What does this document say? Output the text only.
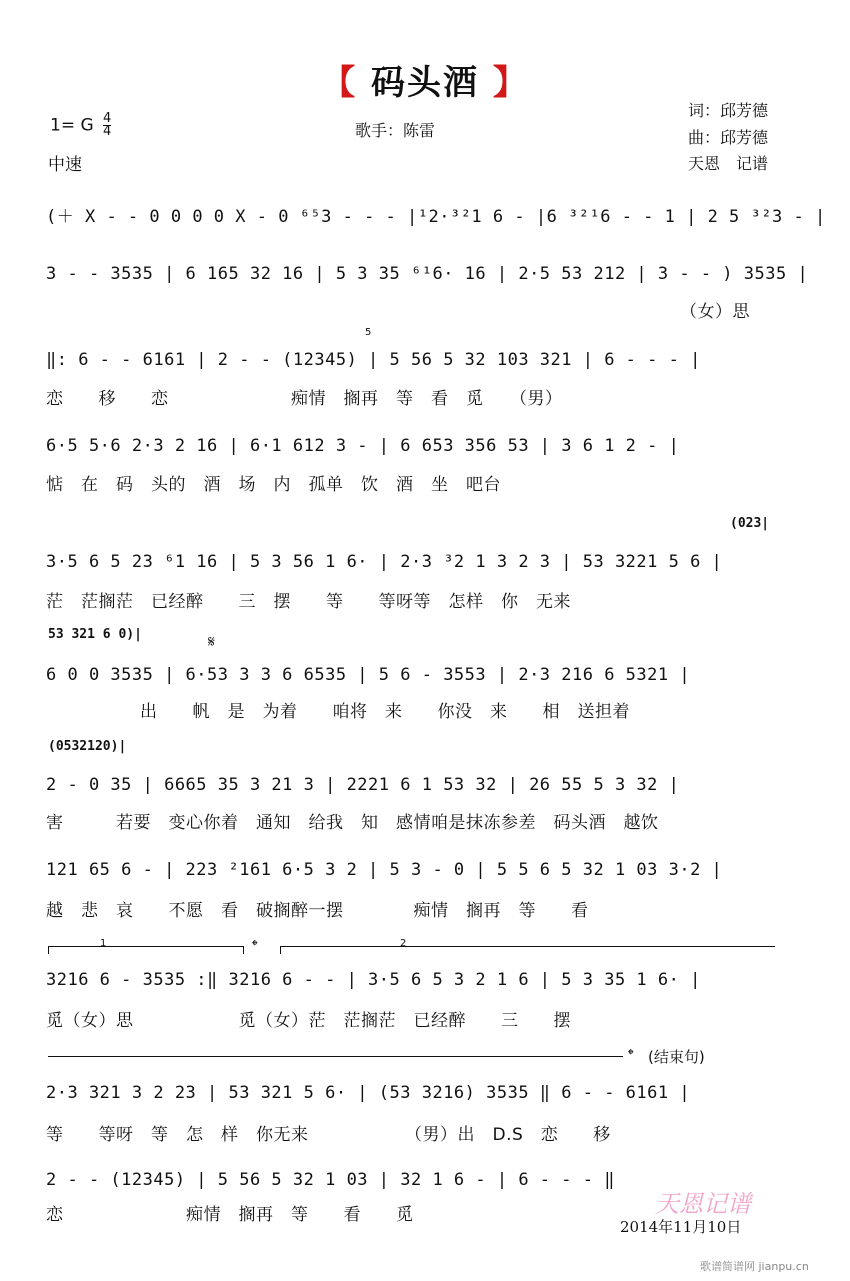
【 码头酒 】
1= G $\frac{4}{4}$
中速
歌手：陈雷
词：邱芳德
曲：邱芳德
天恩　记谱
(＋ X - - 0 0 0 0 X - 0 ⁶⁵3 - - - |¹2·³²1 6 - |6 ³²¹6 - - 1 | 2 5 ³²3 - |
3 - - 3535 | 6 165 32 16 | 5 3 35 ⁶¹6· 16 | 2·5 53 212 | 3 - - ) 3535 |
（女）思
5
‖: 6 - - 6161 | 2 - - (12345) | 5 56 5 32 103 321 | 6 - - - |
恋　　移　　恋　　　　　　　痴情　搁再　等　看　觅　　（男）
6·5 5·6 2·3 2 16 | 6·1 612 3 - | 6 653 356 53 | 3 6 1 2 - |
惦　在　码　头的　酒　场　内　孤单　饮　酒　坐　吧台
(023|
3·5 6 5 23 ⁶1 16 | 5 3 56 1 6· | 2·3 ³2 1 3 2 3 | 53 3221 5 6 |
茫　茫搁茫　已经醉　　三　摆　　等　　等呀等　怎样　你　无来
53 321 6 0)|	𝄋
6 0 0 3535 | 6·53 3 3 6 6535 | 5 6 - 3553 | 2·3 216 6 5321 |
出　　帆　是　为着　　咱将　来　　你没　来　　相　送担着
(0532120)|
2 - 0 35 | 6665 35 3 21 3 | 2221 6 1 53 32 | 26 55 5 3 32 |
害　　　若要　变心你着　通知　给我　知　感情咱是抹冻参差　码头酒　越饮
121 65 6 - | 223 ²161 6·5 3 2 | 5 3 - 0 | 5 5 6 5 32 1 03 3·2 |
越　悲　哀　　不愿　看　破搁醉一摆　　　　痴情　搁再　等　　看
1	𝄌	2
3216 6 - 3535 :‖ 3216 6 - - | 3·5 6 5 3 2 1 6 | 5 3 35 1 6· |
觅（女）思　　　　　　觅（女）茫　茫搁茫　已经醉　　三　　摆
𝄌 (结束句)
2·3 321 3 2 23 | 53 321 5 6· | (53 3216) 3535 ‖ 6 - - 6161 |
等　　等呀　等　怎　样　你无来　　　　　　（男）出　D.S　恋　　移
2 - - (12345) | 5 56 5 32 1 03 | 32 1 6 - | 6 - - - ‖
恋　　　　　　　痴情　搁再　等　　看　　觅	天恩记谱
2014年11月10日
歌谱简谱网 jianpu.cn
